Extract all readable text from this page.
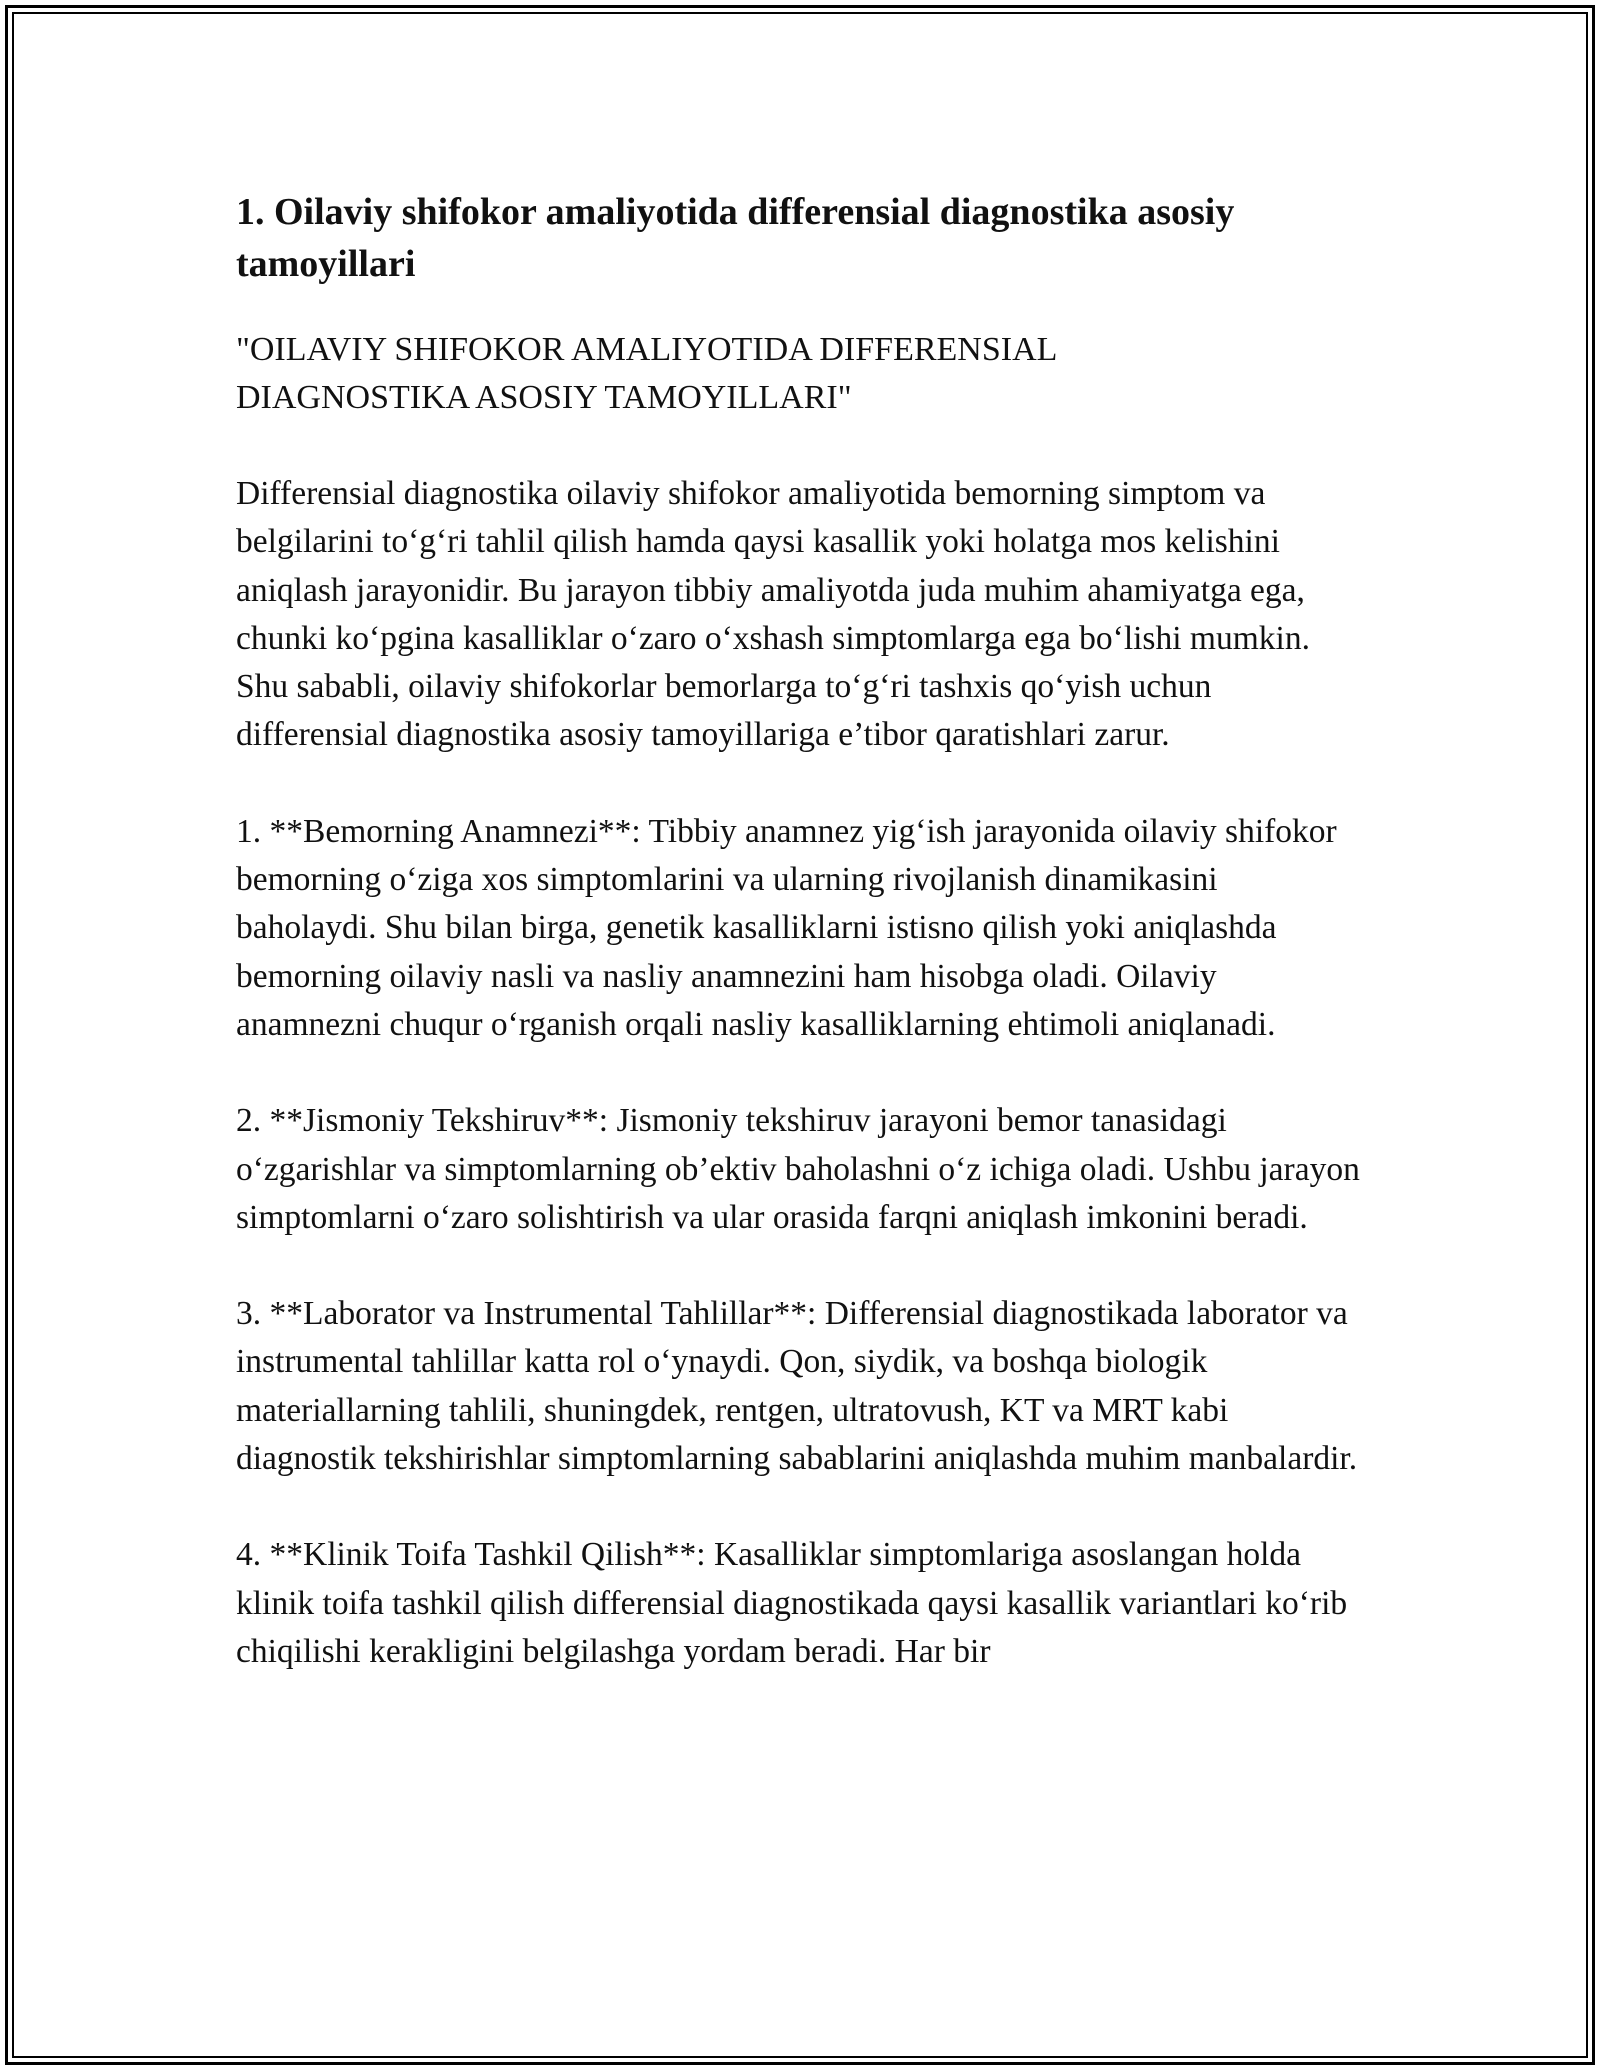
1. Oilaviy shifokor amaliyotida differensial diagnostika asosiy tamoyillari

"OILAVIY SHIFOKOR AMALIYOTIDA DIFFERENSIAL
DIAGNOSTIKA ASOSIY TAMOYILLARI"

Differensial diagnostika oilaviy shifokor amaliyotida bemorning simptom va belgilarini to‘g‘ri tahlil qilish hamda qaysi kasallik yoki holatga mos kelishini aniqlash jarayonidir. Bu jarayon tibbiy amaliyotda juda muhim ahamiyatga ega, chunki ko‘pgina kasalliklar o‘zaro o‘xshash simptomlarga ega bo‘lishi mumkin. Shu sababli, oilaviy shifokorlar bemorlarga to‘g‘ri tashxis qo‘yish uchun differensial diagnostika asosiy tamoyillariga e’tibor qaratishlari zarur.

1. **Bemorning Anamnezi**: Tibbiy anamnez yig‘ish jarayonida oilaviy shifokor bemorning o‘ziga xos simptomlarini va ularning rivojlanish dinamikasini baholaydi. Shu bilan birga, genetik kasalliklarni istisno qilish yoki aniqlashda bemorning oilaviy nasli va nasliy anamnezini ham hisobga oladi. Oilaviy anamnezni chuqur o‘rganish orqali nasliy kasalliklarning ehtimoli aniqlanadi.

2. **Jismoniy Tekshiruv**: Jismoniy tekshiruv jarayoni bemor tanasidagi o‘zgarishlar va simptomlarning ob’ektiv baholashni o‘z ichiga oladi. Ushbu jarayon simptomlarni o‘zaro solishtirish va ular orasida farqni aniqlash imkonini beradi.

3. **Laborator va Instrumental Tahlillar**: Differensial diagnostikada laborator va instrumental tahlillar katta rol o‘ynaydi. Qon, siydik, va boshqa biologik materiallarning tahlili, shuningdek, rentgen, ultratovush, KT va MRT kabi diagnostik tekshirishlar simptomlarning sabablarini aniqlashda muhim manbalardir.

4. **Klinik Toifa Tashkil Qilish**: Kasalliklar simptomlariga asoslangan holda klinik toifa tashkil qilish differensial diagnostikada qaysi kasallik variantlari ko‘rib chiqilishi kerakligini belgilashga yordam beradi. Har bir
